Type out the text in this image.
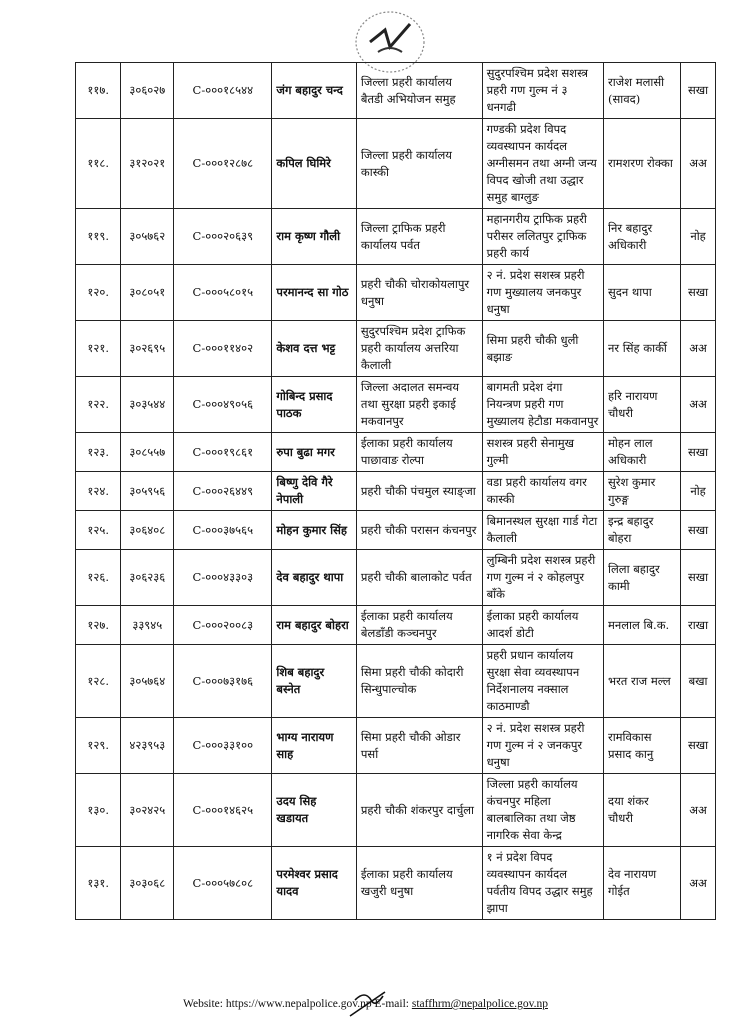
११७.	३०६०२७	C-०००१८५४४	जंग बहादुर चन्द	जिल्ला प्रहरी कार्यालय बैतडी अभियोजन समुह	सुदुरपश्चिम प्रदेश सशस्त्र प्रहरी गण गुल्म नं ३ धनगढी	राजेश मलासी (सावद)	सखा
११८.	३१२०२१	C-०००१२८७८	कपिल घिमिरे	जिल्ला प्रहरी कार्यालय कास्की	गण्डकी प्रदेश विपद व्यवस्थापन कार्यदल अग्नीसमन तथा अग्नी जन्य विपद खोजी तथा उद्धार समुह बाग्लुङ	रामशरण रोक्का	अअ
११९.	३०५७६२	C-०००२०६३९	राम कृष्ण गौली	जिल्ला ट्राफिक प्रहरी कार्यालय पर्वत	महानगरीय ट्राफिक प्रहरी परीसर ललितपुर ट्राफिक प्रहरी कार्य	निर बहादुर अधिकारी	नोह
१२०.	३०८०५१	C-०००५८०१५	परमानन्द सा गोठ	प्रहरी चौकी चोराकोयलापुर धनुषा	२ नं. प्रदेश सशस्त्र प्रहरी गण मुख्यालय जनकपुर धनुषा	सुदन थापा	सखा
१२१.	३०२६९५	C-०००११४०२	केशव दत्त भट्ट	सुदुरपश्चिम प्रदेश ट्राफिक प्रहरी कार्यालय अत्तरिया कैलाली	सिमा प्रहरी चौकी धुली बझाङ	नर सिंह कार्की	अअ
१२२.	३०३५४४	C-०००४९०५६	गोबिन्द प्रसाद पाठक	जिल्ला अदालत समन्वय तथा सुरक्षा प्रहरी इकाई मकवानपुर	बागमती प्रदेश दंगा नियन्त्रण प्रहरी गण मुख्यालय हेटौडा मकवानपुर	हरि नारायण चौधरी	अअ
१२३.	३०८५५७	C-०००१९८६१	रुपा बुढा मगर	ईलाका प्रहरी कार्यालय पाछावाङ रोल्पा	सशस्त्र प्रहरी सेनामुख गुल्मी	मोहन लाल अधिकारी	सखा
१२४.	३०५९५६	C-०००२६४४९	बिष्णु देवि गैरे नेपाली	प्रहरी चौकी पंचमुल स्याङ्जा	वडा प्रहरी कार्यालय वगर कास्की	सुरेश कुमार गुरुङ्ग	नोह
१२५.	३०६४०८	C-०००३७५६५	मोहन कुमार सिंह	प्रहरी चौकी परासन कंचनपुर	बिमानस्थल सुरक्षा गार्ड गेटा कैलाली	इन्द्र बहादुर बोहरा	सखा
१२६.	३०६२३६	C-०००४३३०३	देव बहादुर थापा	प्रहरी चौकी बालाकोट पर्वत	लुम्बिनी प्रदेश सशस्त्र प्रहरी गण गुल्म नं २ कोहलपुर बाँके	लिला बहादुर कामी	सखा
१२७.	३३९४५	C-०००२००८३	राम बहादुर बोहरा	ईलाका प्रहरी कार्यालय बेलडाँडी कञ्चनपुर	ईलाका प्रहरी कार्यालय आदर्श डोटी	मनलाल बि.क.	राखा
१२८.	३०५७६४	C-०००७३१७६	शिब बहादुर बस्नेत	सिमा प्रहरी चौकी कोदारी सिन्धुपाल्चोक	प्रहरी प्रधान कार्यालय सुरक्षा सेवा व्यवस्थापन निर्देशनालय नक्साल काठमाण्डौ	भरत राज मल्ल	बखा
१२९.	४२३९५३	C-०००३३१००	भाग्य नारायण साह	सिमा प्रहरी चौकी ओडार पर्सा	२ नं. प्रदेश सशस्त्र प्रहरी गण गुल्म नं २ जनकपुर धनुषा	रामविकास प्रसाद कानु	सखा
१३०.	३०२४२५	C-०००१४६२५	उदय सिह खडायत	प्रहरी चौकी शंकरपुर दार्चुला	जिल्ला प्रहरी कार्यालय कंचनपुर महिला बालबालिका तथा जेष्ठ नागरिक सेवा केन्द्र	दया शंकर चौधरी	अअ
१३१.	३०३०६८	C-०००५७८०८	परमेश्वर प्रसाद यादव	ईलाका प्रहरी कार्यालय खजुरी धनुषा	१ नं प्रदेश विपद व्यवस्थापन कार्यदल पर्वतीय विपद उद्धार समुह झापा	देव नारायण गोईत	अअ
Website: https://www.nepalpolice.gov.np E-mail: staffhrm@nepalpolice.gov.np
